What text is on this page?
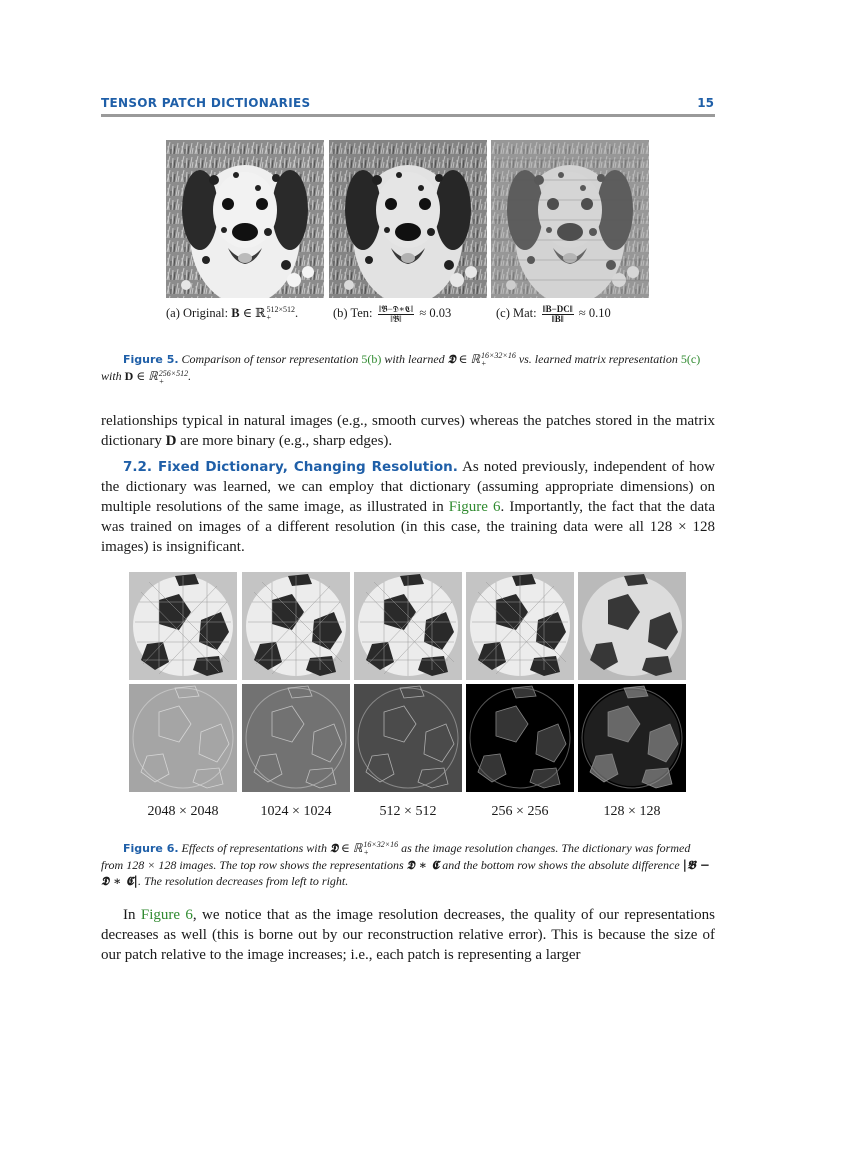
TENSOR PATCH DICTIONARIES	15
(a) Original: B ∈ ℝ 512×512
+	.	(b) Ten: $\frac{\text{‖𝕭−𝕯∗𝕮‖}}{\text{‖𝕭‖}} \approx 0.03$	(c) Mat: $\frac{‖B-DC‖}{‖B‖} \approx 0.10$
Figure 5. Comparison of tensor representation 5(b) with learned 𝕯 ∈ ℝ 16×32×16
+	vs. learned matrix representation 5(c) with D ∈ ℝ 256×512
+	.
relationships typical in natural images (e.g., smooth curves) whereas the patches stored in the matrix dictionary D are more binary (e.g., sharp edges).
7.2. Fixed Dictionary, Changing Resolution. As noted previously, independent of how the dictionary was learned, we can employ that dictionary (assuming appropriate dimensions) on multiple resolutions of the same image, as illustrated in Figure 6. Importantly, the fact that the data was trained on images of a different resolution (in this case, the training data were all 128 × 128 images) is insignificant.
2048 × 2048	1024 × 1024	512 × 512	256 × 256	128 × 128
Figure 6. Effects of representations with 𝕯 ∈ ℝ 16×32×16
+	as the image resolution changes. The dictionary was formed from 128 × 128 images. The top row shows the representations 𝕯 ∗ 𝕮 and the bottom row shows the absolute difference |𝕭 − 𝕯 ∗ 𝕮|. The resolution decreases from left to right.
In Figure 6, we notice that as the image resolution decreases, the quality of our representations decreases as well (this is borne out by our reconstruction relative error). This is because the size of our patch relative to the image increases; i.e., each patch is representing a larger
